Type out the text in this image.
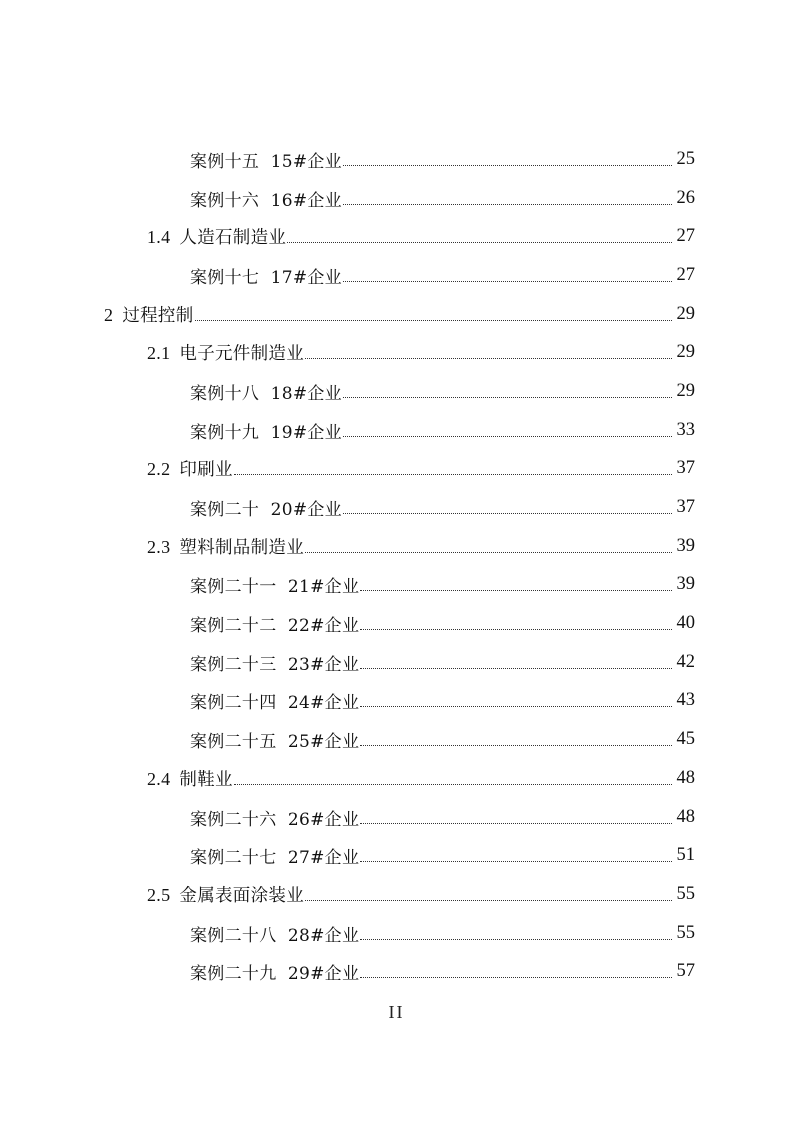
案例十五  15#企业	25
案例十六  16#企业	26
1.4 人造石制造业	27
案例十七  17#企业	27
2 过程控制	29
2.1 电子元件制造业	29
案例十八  18#企业	29
案例十九  19#企业	33
2.2 印刷业	37
案例二十  20#企业	37
2.3 塑料制品制造业	39
案例二十一  21#企业	39
案例二十二  22#企业	40
案例二十三  23#企业	42
案例二十四  24#企业	43
案例二十五  25#企业	45
2.4 制鞋业	48
案例二十六  26#企业	48
案例二十七  27#企业	51
2.5 金属表面涂装业	55
案例二十八  28#企业	55
案例二十九  29#企业	57
II
